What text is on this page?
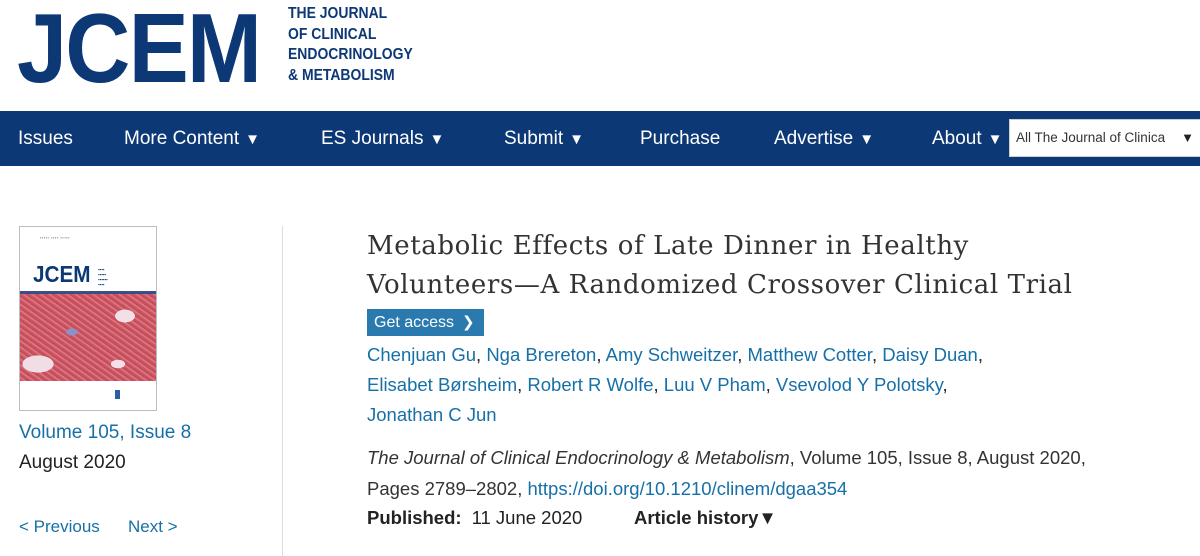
JCEM THE JOURNAL
OF CLINICAL
ENDOCRINOLOGY
& METABOLISM
Issues	More Content ▼	ES Journals ▼	Submit ▼	Purchase	Advertise ▼	About ▼ All The Journal of Clinica ▼
▪▪▪▪▪ ▪▪▪▪ ▪▪▪▪▪
JCEM ▪▪▪▪
▪▪▪▪▪
▪▪▪▪▪▪
▪▪▪▪
Volume 105, Issue 8
August 2020
< Previous Next >
Metabolic Effects of Late Dinner in Healthy
Volunteers—A Randomized Crossover Clinical Trial
Get access ❯
Chenjuan Gu, Nga Brereton, Amy Schweitzer, Matthew Cotter, Daisy Duan,
Elisabet Børsheim, Robert R Wolfe, Luu V Pham, Vsevolod Y Polotsky,
Jonathan C Jun
The Journal of Clinical Endocrinology & Metabolism, Volume 105, Issue 8, August 2020, Pages 2789–2802, https://doi.org/10.1210/clinem/dgaa354
Published: 11 June 2020	Article history▼
